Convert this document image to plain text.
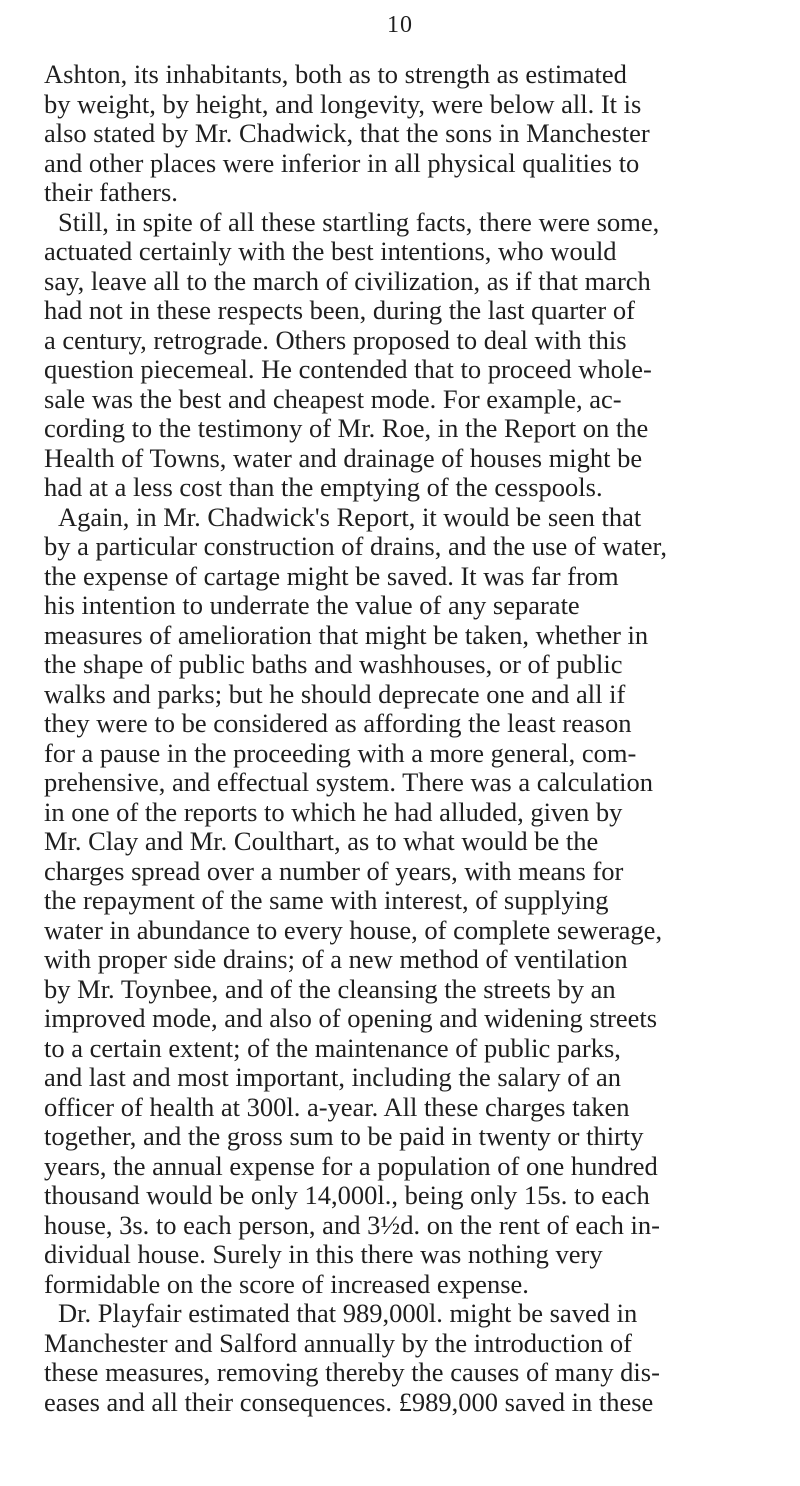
10

Ashton, its inhabitants, both as to strength as estimated
by weight, by height, and longevity, were below all. It is
also stated by Mr. Chadwick, that the sons in Manchester
and other places were inferior in all physical qualities to
their fathers.

Still, in spite of all these startling facts, there were some,
actuated certainly with the best intentions, who would
say, leave all to the march of civilization, as if that march
had not in these respects been, during the last quarter of
a century, retrograde. Others proposed to deal with this
question piecemeal. He contended that to proceed whole-
sale was the best and cheapest mode. For example, ac-
cording to the testimony of Mr. Roe, in the Report on the
Health of Towns, water and drainage of houses might be
had at a less cost than the emptying of the cesspools.

Again, in Mr. Chadwick's Report, it would be seen that
by a particular construction of drains, and the use of water,
the expense of cartage might be saved. It was far from
his intention to underrate the value of any separate
measures of amelioration that might be taken, whether in
the shape of public baths and washhouses, or of public
walks and parks; but he should deprecate one and all if
they were to be considered as affording the least reason
for a pause in the proceeding with a more general, com-
prehensive, and effectual system. There was a calculation
in one of the reports to which he had alluded, given by
Mr. Clay and Mr. Coulthart, as to what would be the
charges spread over a number of years, with means for
the repayment of the same with interest, of supplying
water in abundance to every house, of complete sewerage,
with proper side drains; of a new method of ventilation
by Mr. Toynbee, and of the cleansing the streets by an
improved mode, and also of opening and widening streets
to a certain extent; of the maintenance of public parks,
and last and most important, including the salary of an
officer of health at 300l. a-year. All these charges taken
together, and the gross sum to be paid in twenty or thirty
years, the annual expense for a population of one hundred
thousand would be only 14,000l., being only 15s. to each
house, 3s. to each person, and 3½d. on the rent of each in-
dividual house. Surely in this there was nothing very
formidable on the score of increased expense.

Dr. Playfair estimated that 989,000l. might be saved in
Manchester and Salford annually by the introduction of
these measures, removing thereby the causes of many dis-
eases and all their consequences. £989,000 saved in these
